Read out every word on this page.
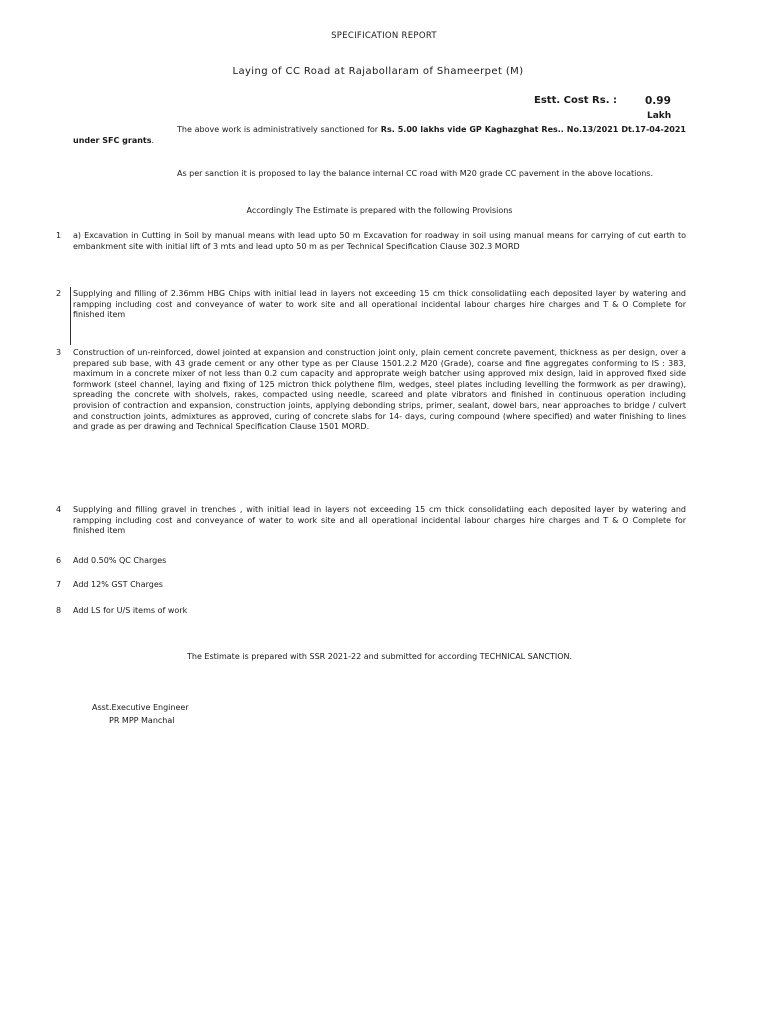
SPECIFICATION REPORT
Laying of CC Road at Rajabollaram of Shameerpet (M)
Estt. Cost Rs. :	0.99
Lakh
The above work is administratively sanctioned for Rs. 5.00 lakhs vide GP Kaghazghat Res.. No.13/2021 Dt.17-04-2021 under SFC grants.
As per sanction it is proposed to lay the balance internal CC road with M20 grade CC pavement in the above locations.
Accordingly The Estimate is prepared with the following Provisions
1 a) Excavation in Cutting in Soil by manual means with lead upto 50 m Excavation for roadway in soil using manual means for carrying of cut earth to embankment site with initial lift of 3 mts and lead upto 50 m as per Technical Specification Clause 302.3 MORD
2 Supplying and filling of 2.36mm HBG Chips with initial lead in layers not exceeding 15 cm thick consolidatiing each deposited layer by watering and rampping including cost and conveyance of water to work site and all operational incidental labour charges hire charges and T & O Complete for finished item
3 Construction of un-reinforced, dowel jointed at expansion and construction joint only, plain cement concrete pavement, thickness as per design, over a prepared sub base, with 43 grade cement or any other type as per Clause 1501.2.2 M20 (Grade), coarse and fine aggregates conforming to IS : 383, maximum in a concrete mixer of not less than 0.2 cum capacity and approprate weigh batcher using approved mix design, laid in approved fixed side formwork (steel channel, laying and fixing of 125 mictron thick polythene film, wedges, steel plates including levelling the formwork as per drawing), spreading the concrete with sholvels, rakes, compacted using needle, scareed and plate vibrators and finished in continuous operation including provision of contraction and expansion, construction joints, applying debonding strips, primer, sealant, dowel bars, near approaches to bridge / culvert and construction joints, admixtures as approved, curing of concrete slabs for 14- days, curing compound (where specified) and water finishing to lines and grade as per drawing and Technical Specification Clause 1501 MORD.
4 Supplying and filling gravel in trenches , with initial lead in layers not exceeding 15 cm thick consolidatiing each deposited layer by watering and rampping including cost and conveyance of water to work site and all operational incidental labour charges hire charges and T & O Complete for finished item
6 Add 0.50% QC Charges
7 Add 12% GST Charges
8 Add LS for U/S items of work
The Estimate is prepared with SSR 2021-22 and submitted for according TECHNICAL SANCTION.
Asst.Executive Engineer
PR MPP Manchal
